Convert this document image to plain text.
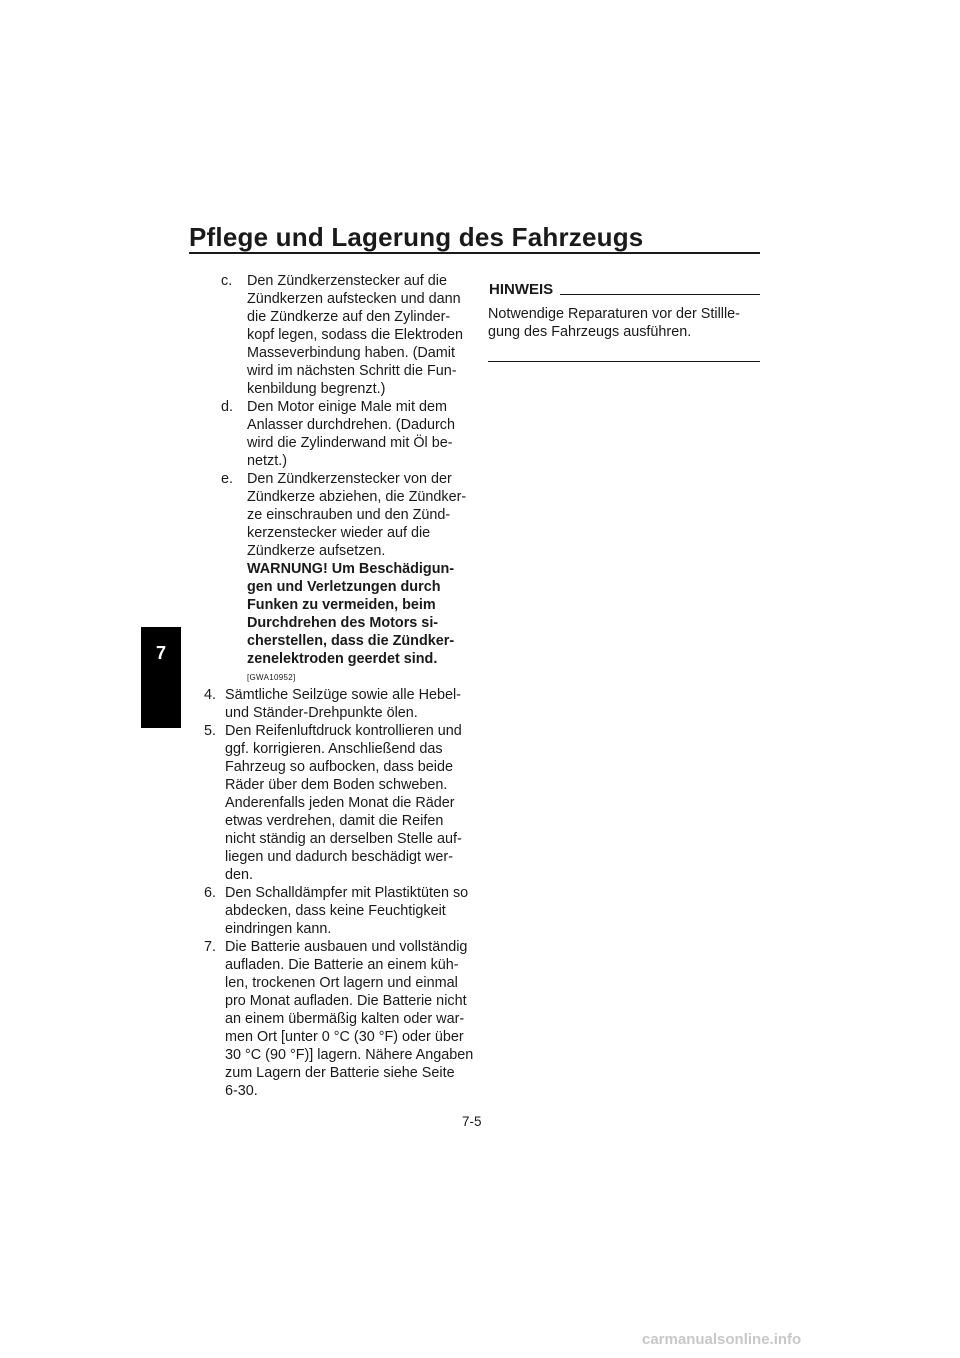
Pflege und Lagerung des Fahrzeugs
7
c. Den Zündkerzenstecker auf die
Zündkerzen aufstecken und dann
die Zündkerze auf den Zylinder-
kopf legen, sodass die Elektroden
Masseverbindung haben. (Damit
wird im nächsten Schritt die Fun-
kenbildung begrenzt.)
d. Den Motor einige Male mit dem
Anlasser durchdrehen. (Dadurch
wird die Zylinderwand mit Öl be-
netzt.)
e. Den Zündkerzenstecker von der
Zündkerze abziehen, die Zündker-
ze einschrauben und den Zünd-
kerzenstecker wieder auf die
Zündkerze aufsetzen.
WARNUNG! Um Beschädigun-
gen und Verletzungen durch
Funken zu vermeiden, beim
Durchdrehen des Motors si-
cherstellen, dass die Zündker-
zenelektroden geerdet sind.
[GWA10952]
4. Sämtliche Seilzüge sowie alle Hebel-
und Ständer-Drehpunkte ölen.
5. Den Reifenluftdruck kontrollieren und
ggf. korrigieren. Anschließend das
Fahrzeug so aufbocken, dass beide
Räder über dem Boden schweben.
Anderenfalls jeden Monat die Räder
etwas verdrehen, damit die Reifen
nicht ständig an derselben Stelle auf-
liegen und dadurch beschädigt wer-
den.
6. Den Schalldämpfer mit Plastiktüten so
abdecken, dass keine Feuchtigkeit
eindringen kann.
7. Die Batterie ausbauen und vollständig
aufladen. Die Batterie an einem küh-
len, trockenen Ort lagern und einmal
pro Monat aufladen. Die Batterie nicht
an einem übermäßig kalten oder war-
men Ort [unter 0 °C (30 °F) oder über
30 °C (90 °F)] lagern. Nähere Angaben
zum Lagern der Batterie siehe Seite
6-30.
HINWEIS
Notwendige Reparaturen vor der Stillle-
gung des Fahrzeugs ausführen.
7-5
carmanualsonline.info
